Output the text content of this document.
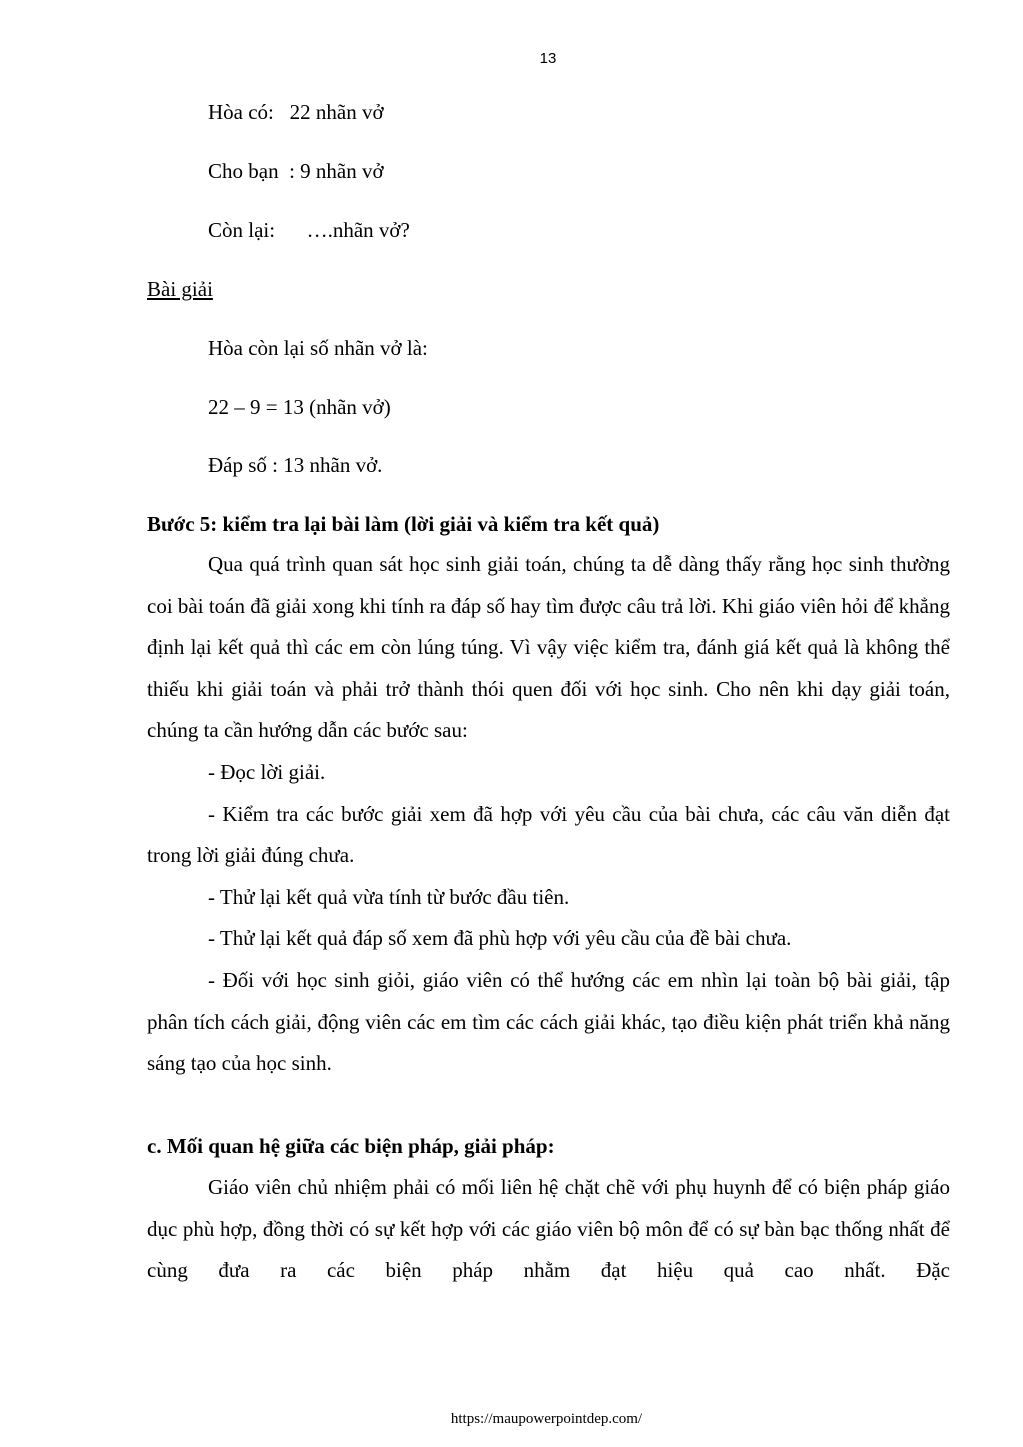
13
Hòa có:   22 nhãn vở
Cho bạn  : 9 nhãn vở
Còn lại:      ….nhãn vở?
Bài giải
Hòa còn lại số nhãn vở là:
22 – 9 = 13 (nhãn vở)
Đáp số : 13 nhãn vở.
Bước 5: kiểm tra lại bài làm (lời giải và kiểm tra kết quả)

Qua quá trình quan sát học sinh giải toán, chúng ta dễ dàng thấy rằng học sinh thường coi bài toán đã giải xong khi tính ra đáp số hay tìm được câu trả lời. Khi giáo viên hỏi để khẳng định lại kết quả thì các em còn lúng túng. Vì vậy việc kiểm tra, đánh giá kết quả là không thể thiếu khi giải toán và phải trở thành thói quen đối với học sinh. Cho nên khi dạy giải toán, chúng ta cần hướng dẫn các bước sau:

- Đọc lời giải.

- Kiểm tra các bước giải xem đã hợp với yêu cầu của bài chưa, các câu văn diễn đạt trong lời giải đúng chưa.

- Thử lại kết quả vừa tính từ bước đầu tiên.

- Thử lại kết quả đáp số xem đã phù hợp với yêu cầu của đề bài chưa.

- Đối với học sinh giỏi, giáo viên có thể hướng các em nhìn lại toàn bộ bài giải, tập phân tích cách giải, động viên các em tìm các cách giải khác, tạo điều kiện phát triển khả năng sáng tạo của học sinh.

c. Mối quan hệ giữa các biện pháp, giải pháp:

Giáo viên chủ nhiệm phải có mối liên hệ chặt chẽ với phụ huynh để có biện pháp giáo dục phù hợp, đồng thời có sự kết hợp với các giáo viên bộ môn để có sự bàn bạc thống nhất để cùng đưa ra các biện pháp nhằm đạt hiệu quả cao nhất. Đặc

https://maupowerpointdep.com/
